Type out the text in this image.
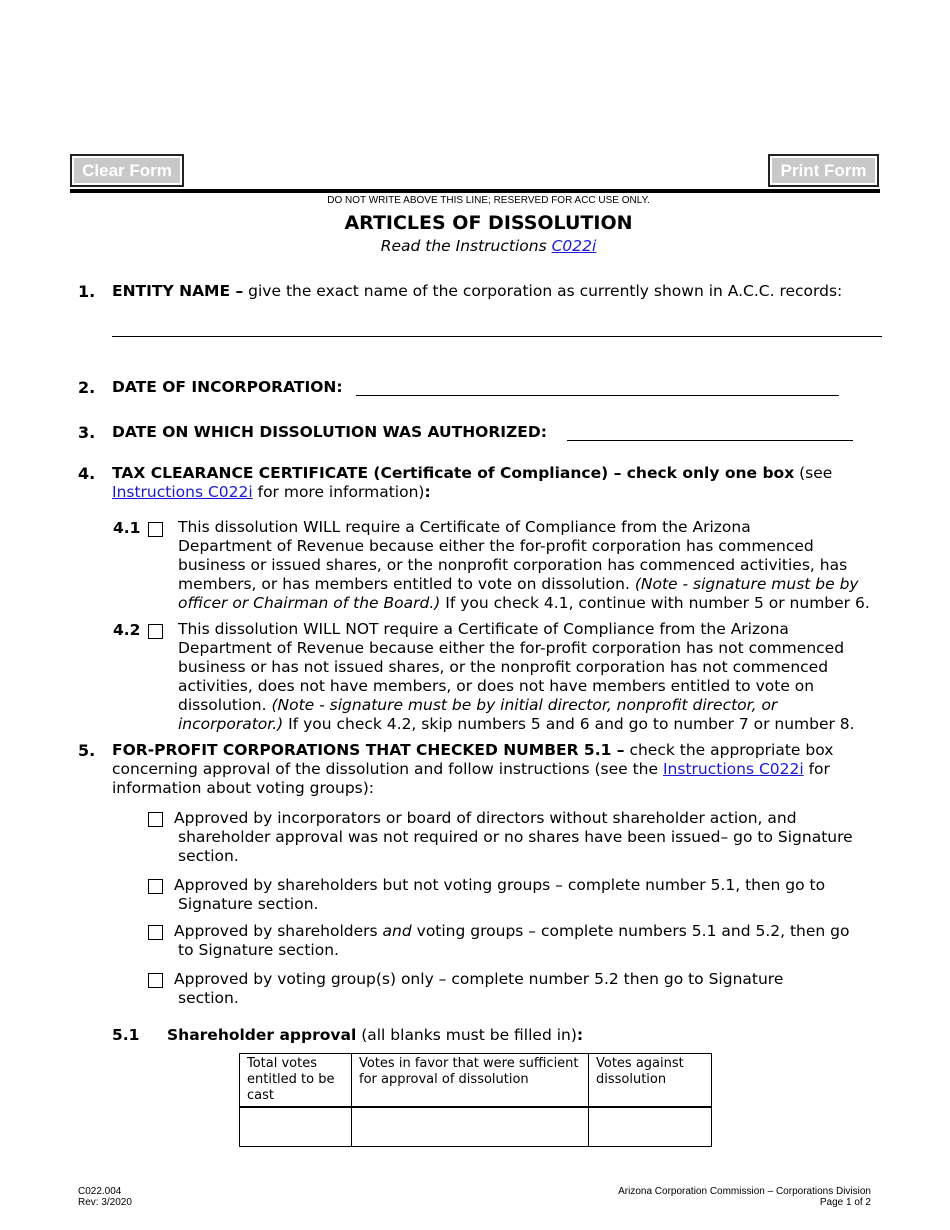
Clear Form	Print Form
DO NOT WRITE ABOVE THIS LINE; RESERVED FOR ACC USE ONLY.
ARTICLES OF DISSOLUTION
Read the Instructions C022i
1. ENTITY NAME – give the exact name of the corporation as currently shown in A.C.C. records:
2. DATE OF INCORPORATION:
3. DATE ON WHICH DISSOLUTION WAS AUTHORIZED:
4. TAX CLEARANCE CERTIFICATE (Certificate of Compliance) – check only one box (see
Instructions C022i for more information):
4.1 This dissolution WILL require a Certificate of Compliance from the Arizona
Department of Revenue because either the for-profit corporation has commenced
business or issued shares, or the nonprofit corporation has commenced activities, has
members, or has members entitled to vote on dissolution. (Note - signature must be by
officer or Chairman of the Board.) If you check 4.1, continue with number 5 or number 6.
4.2 This dissolution WILL NOT require a Certificate of Compliance from the Arizona
Department of Revenue because either the for-profit corporation has not commenced
business or has not issued shares, or the nonprofit corporation has not commenced
activities, does not have members, or does not have members entitled to vote on
dissolution. (Note - signature must be by initial director, nonprofit director, or
incorporator.) If you check 4.2, skip numbers 5 and 6 and go to number 7 or number 8.
5. FOR-PROFIT CORPORATIONS THAT CHECKED NUMBER 5.1 – check the appropriate box
concerning approval of the dissolution and follow instructions (see the Instructions C022i for
information about voting groups):
Approved by incorporators or board of directors without shareholder action, and
shareholder approval was not required or no shares have been issued– go to Signature
section.
Approved by shareholders but not voting groups – complete number 5.1, then go to
Signature section.
Approved by shareholders and voting groups – complete numbers 5.1 and 5.2, then go
to Signature section.
Approved by voting group(s) only – complete number 5.2 then go to Signature
section.
5.1 Shareholder approval (all blanks must be filled in):
Total votes entitled to be cast	Votes in favor that were sufficient for approval of dissolution	Votes against dissolution

C022.004
Rev: 3/2020
Arizona Corporation Commission – Corporations Division
Page 1 of 2
